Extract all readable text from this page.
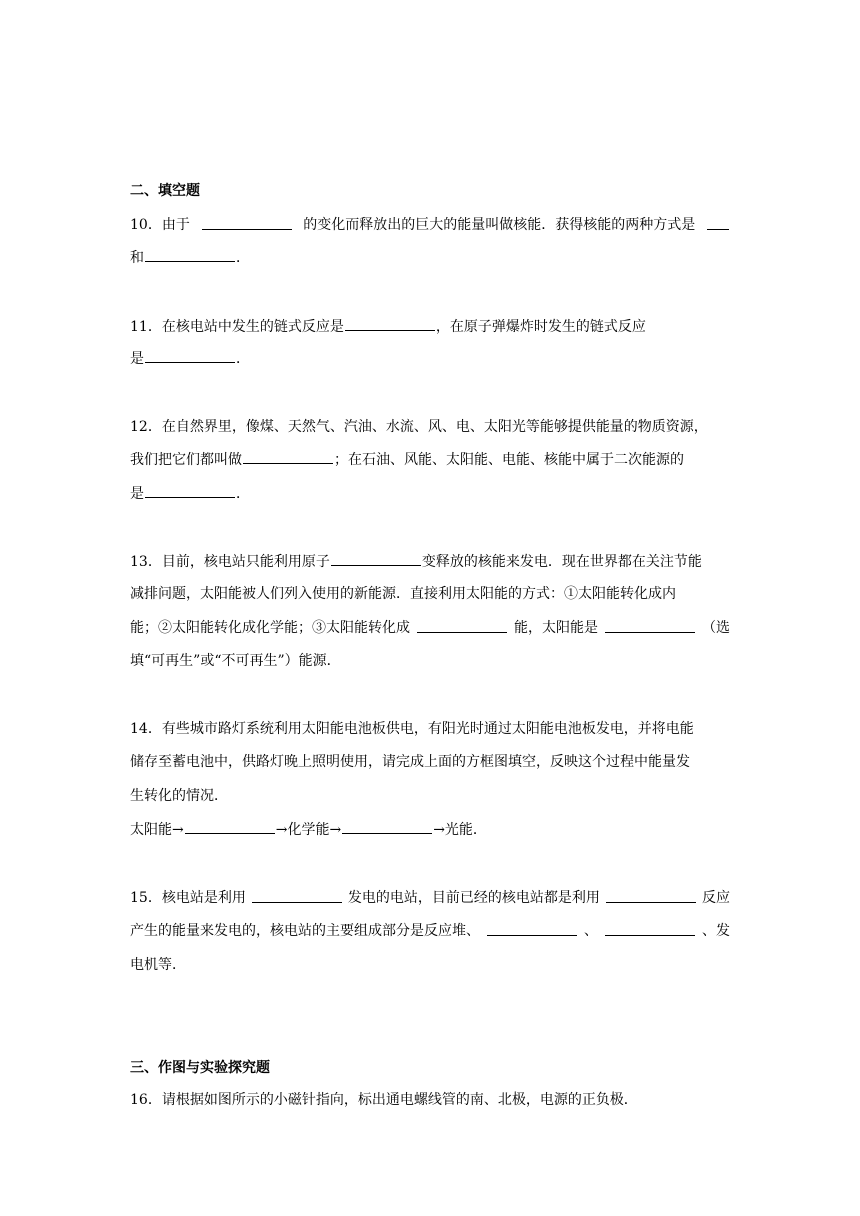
二、填空题
10．由于	的变化而释放出的巨大的能量叫做核能．获得核能的两种方式是
和	．
11．在核电站中发生的链式反应是	，在原子弹爆炸时发生的链式反应
是	．
12．在自然界里，像煤、天然气、汽油、水流、风、电、太阳光等能够提供能量的物质资源，
我们把它们都叫做	；在石油、风能、太阳能、电能、核能中属于二次能源的
是	．
13．目前，核电站只能利用原子	变释放的核能来发电．现在世界都在关注节能
减排问题，太阳能被人们列入使用的新能源．直接利用太阳能的方式：①太阳能转化成内
能；②太阳能转化成化学能；③太阳能转化成	能，太阳能是	（选
填“可再生”或“不可再生”）能源．
14．有些城市路灯系统利用太阳能电池板供电，有阳光时通过太阳能电池板发电，并将电能
储存至蓄电池中，供路灯晚上照明使用，请完成上面的方框图填空，反映这个过程中能量发
生转化的情况．
太阳能→	→化学能→	→光能．
15．核电站是利用	发电的电站，目前已经的核电站都是利用	反应
产生的能量来发电的，核电站的主要组成部分是反应堆、	、	、发
电机等．
三、作图与实验探究题
16．请根据如图所示的小磁针指向，标出通电螺线管的南、北极，电源的正负极．
